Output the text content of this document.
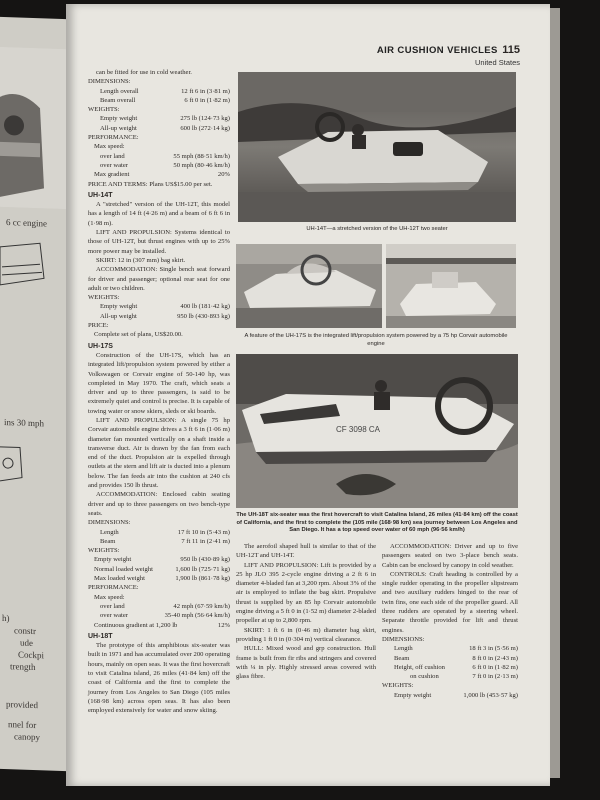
6 cc engine
ins 30 mph
h)
constr
ude
Cockpi
trength
provided
nnel for
canopy
AIR CUSHION VEHICLES 115
United States

can be fitted for use in cold weather.

DIMENSIONS:
Length overall	12 ft 6 in (3·81 m)
Beam overall	6 ft 0 in (1·82 m)
WEIGHTS:
Empty weight	275 lb (124·73 kg)
All-up weight	600 lb (272·14 kg)
PERFORMANCE:
Max speed:
over land	55 mph (88·51 km/h)
over water	50 mph (80·46 km/h)
Max gradient	20%

PRICE AND TERMS: Plans US$15.00 per set.

UH-14T

A "stretched" version of the UH-12T, this model has a length of 14 ft (4·26 m) and a beam of 6 ft 6 in (1·98 m).

LIFT AND PROPULSION: Systems identical to those of UH-12T, but thrust engines with up to 25% more power may be installed.

SKIRT: 12 in (307 mm) bag skirt.

ACCOMMODATION: Single bench seat forward for driver and passenger; optional rear seat for one adult or two children.

WEIGHTS:
Empty weight	400 lb (181·42 kg)
All-up weight	950 lb (430·893 kg)
PRICE:
Complete set of plans, US$20.00.
UH-17S

Construction of the UH-17S, which has an integrated lift/propulsion system powered by either a Volkswagen or Corvair engine of 50-140 hp, was completed in May 1970. The craft, which seats a driver and up to three passengers, is said to be extremely quiet and control is precise. It is capable of towing water or snow skiers, sleds or ski boards.

LIFT AND PROPULSION: A single 75 hp Corvair automobile engine drives a 3 ft 6 in (1·06 m) diameter fan mounted vertically on a shaft inside a transverse duct. Air is drawn by the fan from each end of the duct. Propulsion air is expelled through outlets at the stern and lift air is ducted into a plenum below. The fan feeds air into the cushion at 240 cfs and provides 150 lb thrust.

ACCOMMODATION: Enclosed cabin seating driver and up to three passengers on two bench-type seats.

DIMENSIONS:
Length	17 ft 10 in (5·43 m)
Beam	7 ft 11 in (2·41 m)
WEIGHTS:
Empty weight	950 lb (430·89 kg)
Normal loaded weight	1,600 lb (725·71 kg)
Max loaded weight	1,900 lb (861·78 kg)
PERFORMANCE:
Max speed:
over land	42 mph (67·59 km/h)
over water	35-40 mph (56·64 km/h)
Continuous gradient at 1,200 lb	12%
UH-18T

The prototype of this amphibious six-seater was built in 1971 and has accumulated over 200 operating hours, mainly on open seas. It was the first hovercraft to visit Catalina island, 26 miles (41·84 km) off the coast of California and the first to complete the journey from Los Angeles to San Diego (105 miles (168·98 km) across open seas. It has also been employed extensively for water and snow skiing.

UH-14T—a stretched version of the UH-12T two seater
A feature of the UH-17S is the integrated lift/propulsion system powered by a 75 hp Corvair automobile engine
CF 3098 CA
The UH-18T six-seater was the first hovercraft to visit Catalina Island, 26 miles (41·84 km) off the coast of California, and the first to complete the (105 mile (168·98 km) sea journey between Los Angeles and San Diego. It has a top speed over water of 60 mph (96·56 km/h)

The aerofoil shaped hull is similar to that of the UH-12T and UH-14T.

LIFT AND PROPULSION: Lift is provided by a 25 hp JLO 395 2-cycle engine driving a 2 ft 6 in diameter 4-bladed fan at 3,200 rpm. About 3% of the air is employed to inflate the bag skirt. Propulsive thrust is supplied by an 85 hp Corvair automobile engine driving a 5 ft 0 in (1·52 m) diameter 2-bladed propeller at up to 2,800 rpm.

SKIRT: 1 ft 6 in (0·46 m) diameter bag skirt, providing 1 ft 0 in (0·304 m) vertical clearance.

HULL: Mixed wood and grp construction. Hull frame is built from fir ribs and stringers and covered with ¼ in ply. Highly stressed areas covered with glass fibre.

ACCOMMODATION: Driver and up to five passengers seated on two 3-place bench seats. Cabin can be enclosed by canopy in cold weather.

CONTROLS: Craft heading is controlled by a single rudder operating in the propeller slipstream and two auxiliary rudders hinged to the rear of twin fins, one each side of the propeller guard. All three rudders are operated by a steering wheel. Separate throttle provided for lift and thrust engines.

DIMENSIONS:
Length	18 ft 3 in (5·56 m)
Beam	8 ft 0 in (2·43 m)
Height, off cushion	6 ft 0 in (1·82 m)
on cushion	7 ft 0 in (2·13 m)
WEIGHTS:
Empty weight	1,000 lb (453·57 kg)
